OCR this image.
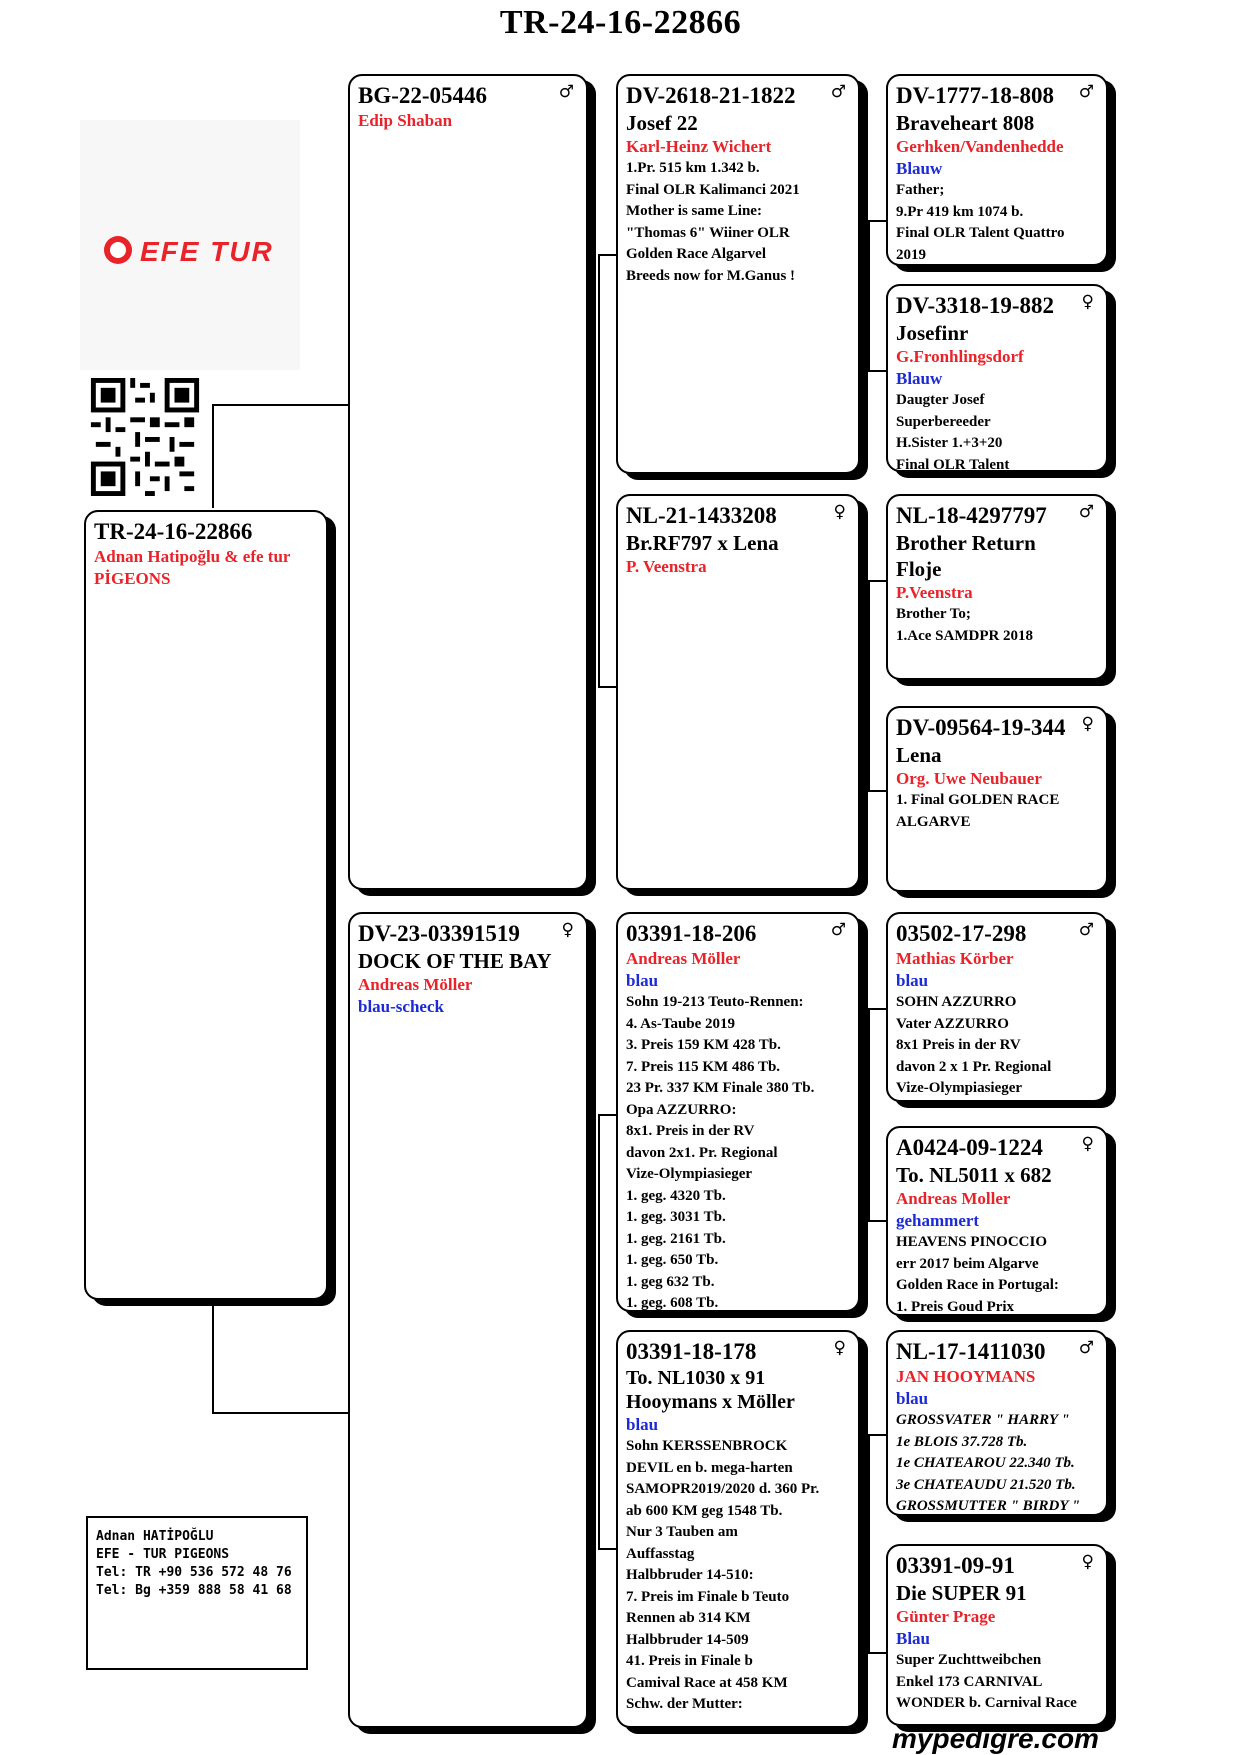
TR-24-16-22866
EFE TUR
TR-24-16-22866
Adnan Hatipoğlu & efe tur PİGEONS
BG-22-05446
Edip Shaban
♂
DV-23-03391519
DOCK OF THE BAY
Andreas Möller
blau-scheck
♀
DV-2618-21-1822
Josef 22
Karl-Heinz Wichert
1.Pr. 515 km 1.342 b.
Final OLR Kalimanci 2021
Mother is same Line:
"Thomas 6" Wiiner OLR
Golden Race Algarvel
Breeds now for M.Ganus !
♂
NL-21-1433208
Br.RF797 x Lena
P. Veenstra
♀
03391-18-206
Andreas Möller
blau
Sohn 19-213 Teuto-Rennen:
4. As-Taube 2019
3. Preis 159 KM 428 Tb.
7. Preis 115 KM 486 Tb.
23 Pr. 337 KM Finale 380 Tb.
Opa AZZURRO:
8x1. Preis in der RV
davon 2x1. Pr. Regional
Vize-Olympiasieger
1. geg. 4320 Tb.
1. geg. 3031 Tb.
1. geg. 2161 Tb.
1. geg. 650 Tb.
1. geg 632 Tb.
1. geg. 608 Tb.
♂
03391-18-178
To. NL1030 x 91
Hooymans x Möller
blau
Sohn KERSSENBROCK
DEVIL en b. mega-harten
SAMOPR2019/2020 d. 360 Pr.
ab 600 KM geg 1548 Tb.
Nur 3 Tauben am
Auffasstag
Halbbruder 14-510:
7. Preis im Finale b Teuto
Rennen ab 314 KM
Halbbruder 14-509
41. Preis in Finale b
Camival Race at 458 KM
Schw. der Mutter:
♀
DV-1777-18-808
Braveheart 808
Gerhken/Vandenhedde
Blauw
Father;
9.Pr 419 km 1074 b.
Final OLR Talent Quattro
2019
♂
DV-3318-19-882
Josefinr
G.Fronhlingsdorf
Blauw
Daugter Josef
Superbereeder
H.Sister 1.+3+20
Final OLR Talent
♀
NL-18-4297797
Brother Return
Floje
P.Veenstra
Brother To;
1.Ace SAMDPR 2018
♂
DV-09564-19-344
Lena
Org. Uwe Neubauer
1. Final GOLDEN RACE
ALGARVE
♀
03502-17-298
Mathias Körber
blau
SOHN AZZURRO
Vater AZZURRO
8x1 Preis in der RV
davon 2 x 1 Pr. Regional
Vize-Olympiasieger
♂
A0424-09-1224
To. NL5011 x 682
Andreas Moller
gehammert
HEAVENS PINOCCIO
err 2017 beim Algarve
Golden Race in Portugal:
1. Preis Goud Prix
♀
NL-17-1411030
JAN HOOYMANS
blau
GROSSVATER " HARRY "
1e BLOIS 37.728 Tb.
1e CHATEAROU 22.340 Tb.
3e CHATEAUDU 21.520 Tb.
GROSSMUTTER " BIRDY "
♂
03391-09-91
Die SUPER 91
Günter Prage
Blau
Super Zuchttweibchen
Enkel 173 CARNIVAL
WONDER b. Carnival Race
♀
Adnan HATİPOĞLU
EFE - TUR PIGEONS
Tel: TR +90 536 572 48 76
Tel: Bg +359 888 58 41 68
mypedigre.com
